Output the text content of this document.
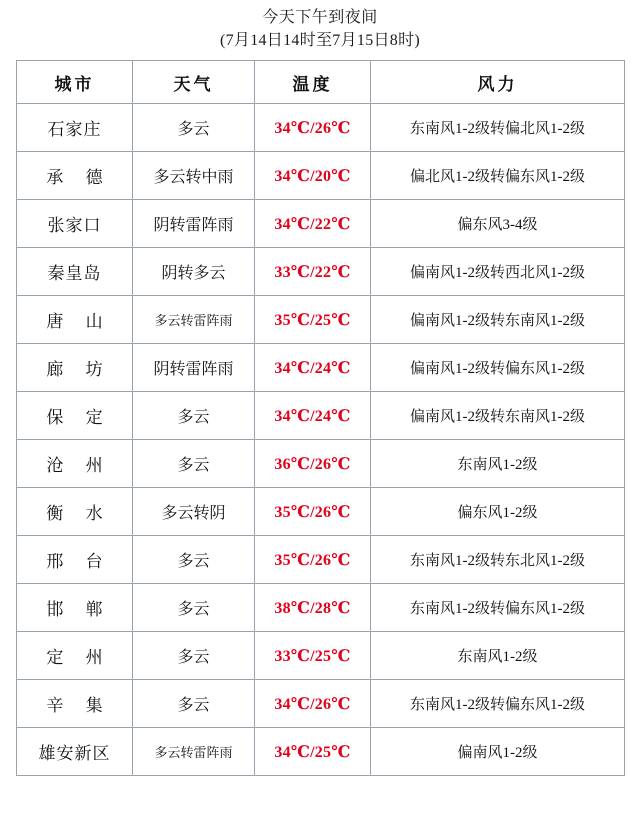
今天下午到夜间
(7月14日14时至7月15日8时)
城市	天气	温度	风力

石家庄	多云	34℃/26℃	东南风1-2级转偏北风1-2级

承 德	多云转中雨	34℃/20℃	偏北风1-2级转偏东风1-2级

张家口	阴转雷阵雨	34℃/22℃	偏东风3-4级

秦皇岛	阴转多云	33℃/22℃	偏南风1-2级转西北风1-2级

唐 山	多云转雷阵雨	35℃/25℃	偏南风1-2级转东南风1-2级

廊 坊	阴转雷阵雨	34℃/24℃	偏南风1-2级转偏东风1-2级

保 定	多云	34℃/24℃	偏南风1-2级转东南风1-2级

沧 州	多云	36℃/26℃	东南风1-2级

衡 水	多云转阴	35℃/26℃	偏东风1-2级

邢 台	多云	35℃/26℃	东南风1-2级转东北风1-2级

邯 郸	多云	38℃/28℃	东南风1-2级转偏东风1-2级

定 州	多云	33℃/25℃	东南风1-2级

辛 集	多云	34℃/26℃	东南风1-2级转偏东风1-2级

雄安新区	多云转雷阵雨	34℃/25℃	偏南风1-2级
